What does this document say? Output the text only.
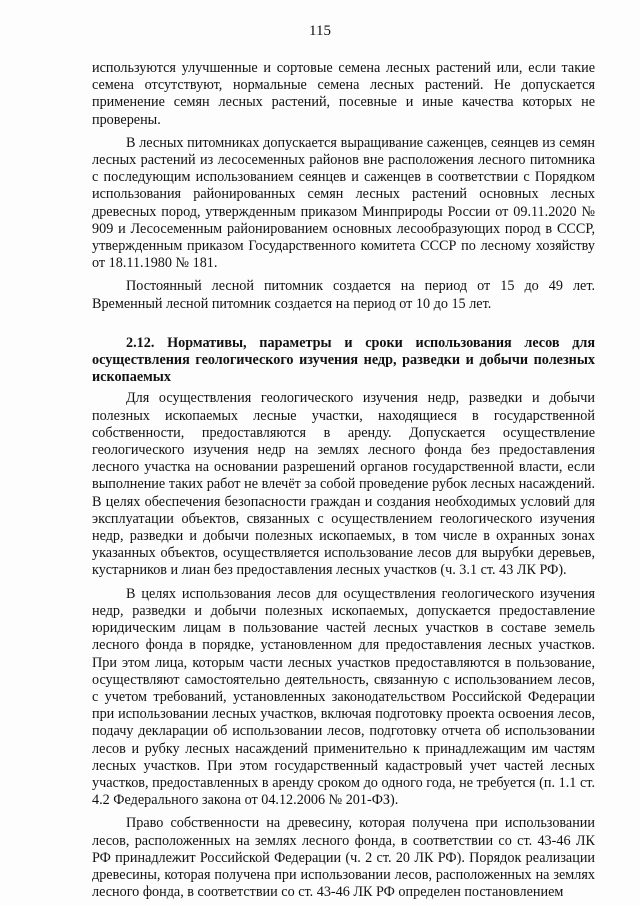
115

используются улучшенные и сортовые семена лесных растений или, если такие семена отсутствуют, нормальные семена лесных растений. Не допускается применение семян лесных растений, посевные и иные качества которых не проверены.

В лесных питомниках допускается выращивание саженцев, сеянцев из семян лесных растений из лесосеменных районов вне расположения лесного питомника с последующим использованием сеянцев и саженцев в соответствии с Порядком использования районированных семян лесных растений основных лесных древесных пород, утвержденным приказом Минприроды России от 09.11.2020 № 909 и Лесосеменным районированием основных лесообразующих пород в СССР, утвержденным приказом Государственного комитета СССР по лесному хозяйству от 18.11.1980 № 181.

Постоянный лесной питомник создается на период от 15 до 49 лет. Временный лесной питомник создается на период от 10 до 15 лет.

2.12. Нормативы, параметры и сроки использования лесов для осуществления геологического изучения недр, разведки и добычи полезных ископаемых

Для осуществления геологического изучения недр, разведки и добычи полезных ископаемых лесные участки, находящиеся в государственной собственности, предоставляются в аренду. Допускается осуществление геологического изучения недр на землях лесного фонда без предоставления лесного участка на основании разрешений органов государственной власти, если выполнение таких работ не влечёт за собой проведение рубок лесных насаждений. В целях обеспечения безопасности граждан и создания необходимых условий для эксплуатации объектов, связанных с осуществлением геологического изучения недр, разведки и добычи полезных ископаемых, в том числе в охранных зонах указанных объектов, осуществляется использование лесов для вырубки деревьев, кустарников и лиан без предоставления лесных участков (ч. 3.1 ст. 43 ЛК РФ).

В целях использования лесов для осуществления геологического изучения недр, разведки и добычи полезных ископаемых, допускается предоставление юридическим лицам в пользование частей лесных участков в составе земель лесного фонда в порядке, установленном для предоставления лесных участков. При этом лица, которым части лесных участков предоставляются в пользование, осуществляют самостоятельно деятельность, связанную с использованием лесов, с учетом требований, установленных законодательством Российской Федерации при использовании лесных участков, включая подготовку проекта освоения лесов, подачу декларации об использовании лесов, подготовку отчета об использовании лесов и рубку лесных насаждений применительно к принадлежащим им частям лесных участков. При этом государственный кадастровый учет частей лесных участков, предоставленных в аренду сроком до одного года, не требуется (п. 1.1 ст. 4.2 Федерального закона от 04.12.2006 № 201-ФЗ).

Право собственности на древесину, которая получена при использовании лесов, расположенных на землях лесного фонда, в соответствии со ст. 43-46 ЛК РФ принадлежит Российской Федерации (ч. 2 ст. 20 ЛК РФ). Порядок реализации древесины, которая получена при использовании лесов, расположенных на землях лесного фонда, в соответствии со ст. 43-46 ЛК РФ определен постановлением
